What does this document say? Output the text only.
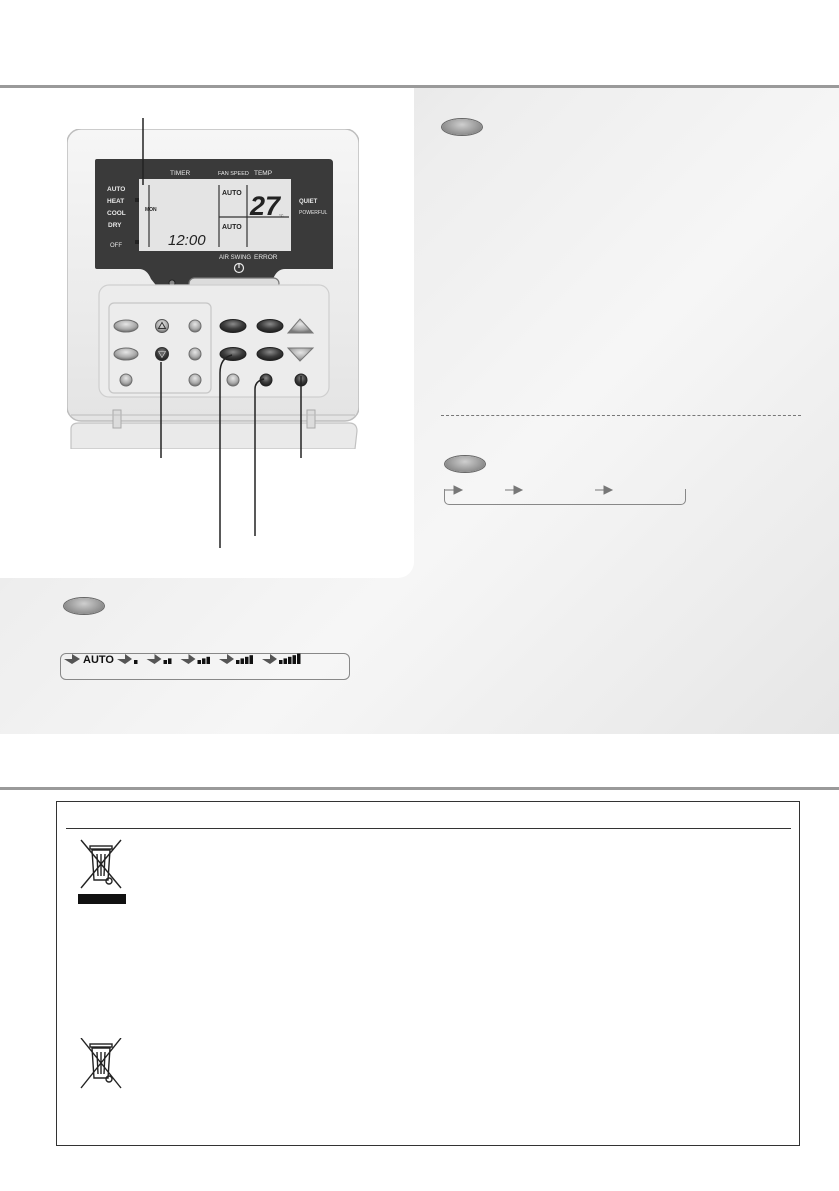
TIMER	FAN SPEED TEMP
AUTO
HEAT
COOL
DRY
OFF
QUIET
POWERFUL
AIR SWING ERROR
MON
12:00
AUTO
AUTO
27
°C
AUTO
